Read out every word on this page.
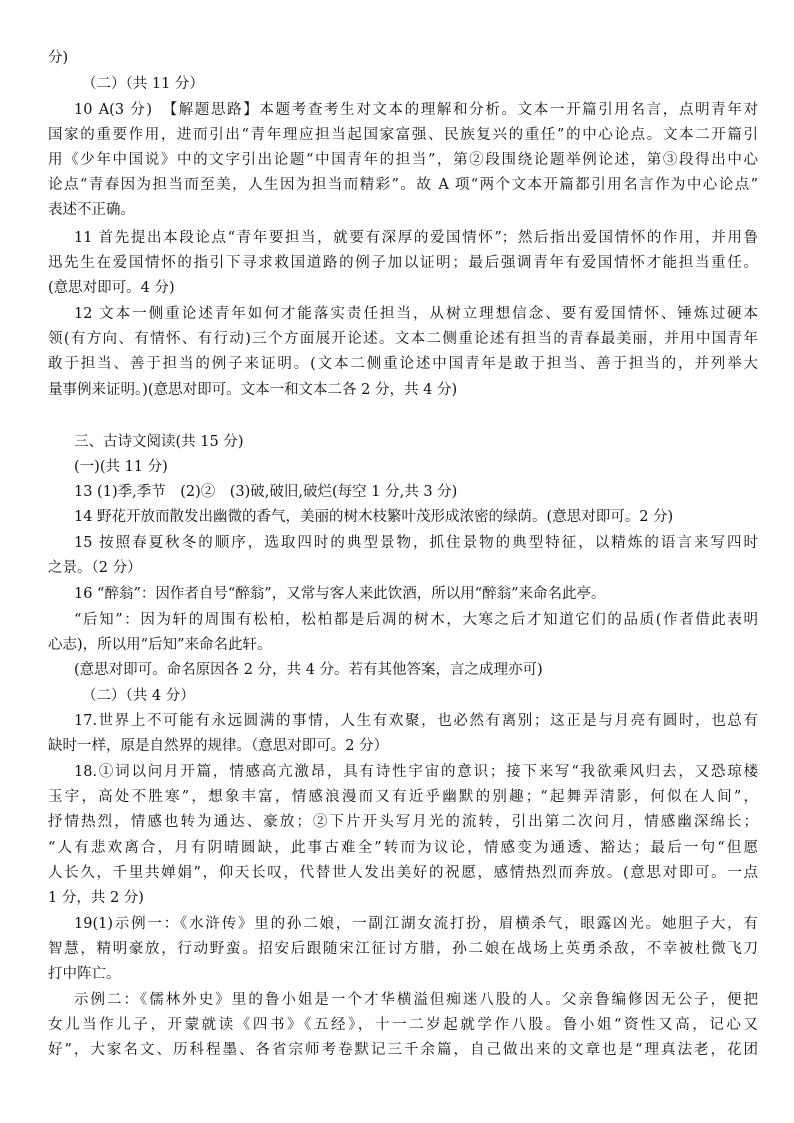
分)
（二）（共 11 分）
10 A(3 分)　【解题思路】本题考查考生对文本的理解和分析。文本一开篇引用名言，点明青年对
国家的重要作用，进而引出“青年理应担当起国家富强、民族复兴的重任”的中心论点。文本二开篇引
用《少年中国说》中的文字引出论题“中国青年的担当”，第②段围绕论题举例论述，第③段得出中心
论点“青春因为担当而至美，人生因为担当而精彩”。故 A 项“两个文本开篇都引用名言作为中心论点”
表述不正确。
11 首先提出本段论点“青年要担当，就要有深厚的爱国情怀”；然后指出爱国情怀的作用，并用鲁
迅先生在爱国情怀的指引下寻求救国道路的例子加以证明；最后强调青年有爱国情怀才能担当重任。
(意思对即可。4 分)
12 文本一侧重论述青年如何才能落实责任担当，从树立理想信念、要有爱国情怀、锤炼过硬本
领(有方向、有情怀、有行动)三个方面展开论述。文本二侧重论述有担当的青春最美丽，并用中国青年
敢于担当、善于担当的例子来证明。(文本二侧重论述中国青年是敢于担当、善于担当的，并列举大
量事例来证明。)(意思对即可。文本一和文本二各 2 分，共 4 分)
三、古诗文阅读(共 15 分)
(一)(共 11 分)
13 (1)季,季节　(2)②　(3)破,破旧,破烂(每空 1 分,共 3 分)
14 野花开放而散发出幽微的香气，美丽的树木枝繁叶茂形成浓密的绿荫。(意思对即可。2 分)
15 按照春夏秋冬的顺序，选取四时的典型景物，抓住景物的典型特征，以精炼的语言来写四时
之景。（2 分）
16 “醉翁”：因作者自号“醉翁”，又常与客人来此饮酒，所以用“醉翁”来命名此亭。
“后知”：因为轩的周围有松柏，松柏都是后凋的树木，大寒之后才知道它们的品质(作者借此表明
心志)，所以用“后知”来命名此轩。
(意思对即可。命名原因各 2 分，共 4 分。若有其他答案，言之成理亦可)
（二）（共 4 分）
17.世界上不可能有永远圆满的事情，人生有欢聚，也必然有离别；这正是与月亮有圆时，也总有
缺时一样，原是自然界的规律。（意思对即可。2 分）
18.①词以问月开篇，情感高亢激昂，具有诗性宇宙的意识；接下来写“我欲乘风归去，又恐琼楼
玉宇，高处不胜寒”，想象丰富，情感浪漫而又有近乎幽默的别趣；“起舞弄清影，何似在人间”，
抒情热烈，情感也转为通达、豪放；②下片开头写月光的流转，引出第二次问月，情感幽深绵长；
“人有悲欢离合，月有阴晴圆缺，此事古难全”转而为议论，情感变为通透、豁达；最后一句“但愿
人长久，千里共婵娟”，仰天长叹，代替世人发出美好的祝愿，感情热烈而奔放。(意思对即可。一点
1 分，共 2 分)
19(1)示例一：《水浒传》里的孙二娘，一副江湖女流打扮，眉横杀气，眼露凶光。她胆子大，有
智慧，精明豪放，行动野蛮。招安后跟随宋江征讨方腊，孙二娘在战场上英勇杀敌，不幸被杜微飞刀
打中阵亡。
示例二：《儒林外史》里的鲁小姐是一个才华横溢但痴迷八股的人。父亲鲁编修因无公子，便把
女儿当作儿子，开蒙就读《四书》《五经》，十一二岁起就学作八股。鲁小姐“资性又高，记心又
好”，大家名文、历科程墨、各省宗师考卷默记三千余篇，自己做出来的文章也是“理真法老，花团
